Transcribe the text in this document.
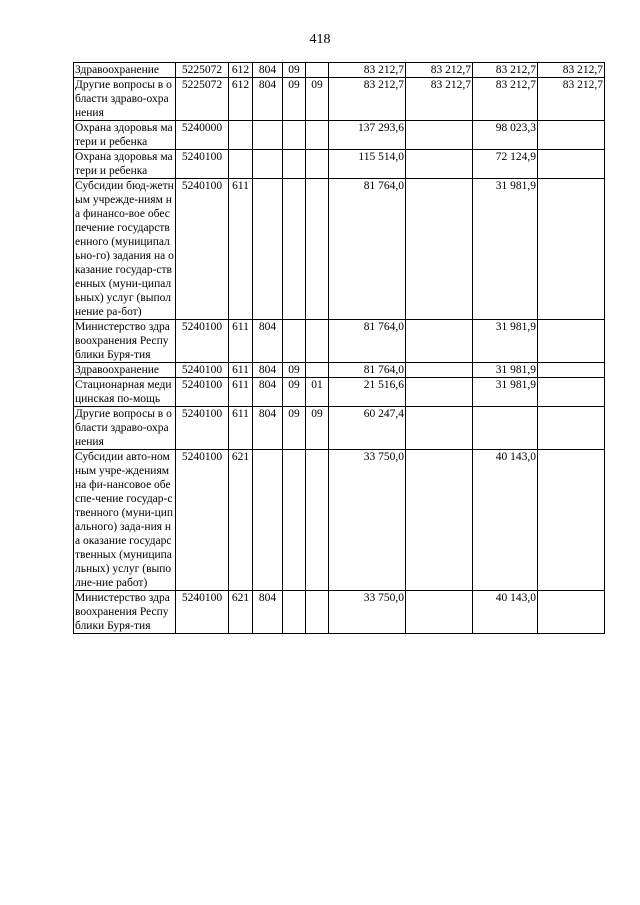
418
Здравоохранение	5225072	612	804	09		83 212,7	83 212,7	83 212,7	83 212,7
Другие вопросы в области здраво-охранения	5225072	612	804	09	09	83 212,7	83 212,7	83 212,7	83 212,7
Охрана здоровья матери и ребенка	5240000					137 293,6		98 023,3	
Охрана здоровья матери и ребенка	5240100					115 514,0		72 124,9	
Субсидии бюд-жетным учрежде-ниям на финансо-вое обеспечение государственного (муниципально-го) задания на оказание государ-ственных (муни-ципальных) услуг (выполнение ра-бот)	5240100	611				81 764,0		31 981,9	
Министерство здравоохранения Республики Буря-тия	5240100	611	804			81 764,0		31 981,9	
Здравоохранение	5240100	611	804	09		81 764,0		31 981,9	
Стационарная медицинская по-мощь	5240100	611	804	09	01	21 516,6		31 981,9	
Другие вопросы в области здраво-охранения	5240100	611	804	09	09	60 247,4			
Субсидии авто-номным учре-ждениям на фи-нансовое обеспе-чение государ-ственного (муни-ципального) зада-ния на оказание государственных (муниципальных) услуг (выполне-ние работ)	5240100	621				33 750,0		40 143,0	
Министерство здравоохранения Республики Буря-тия	5240100	621	804			33 750,0		40 143,0	
